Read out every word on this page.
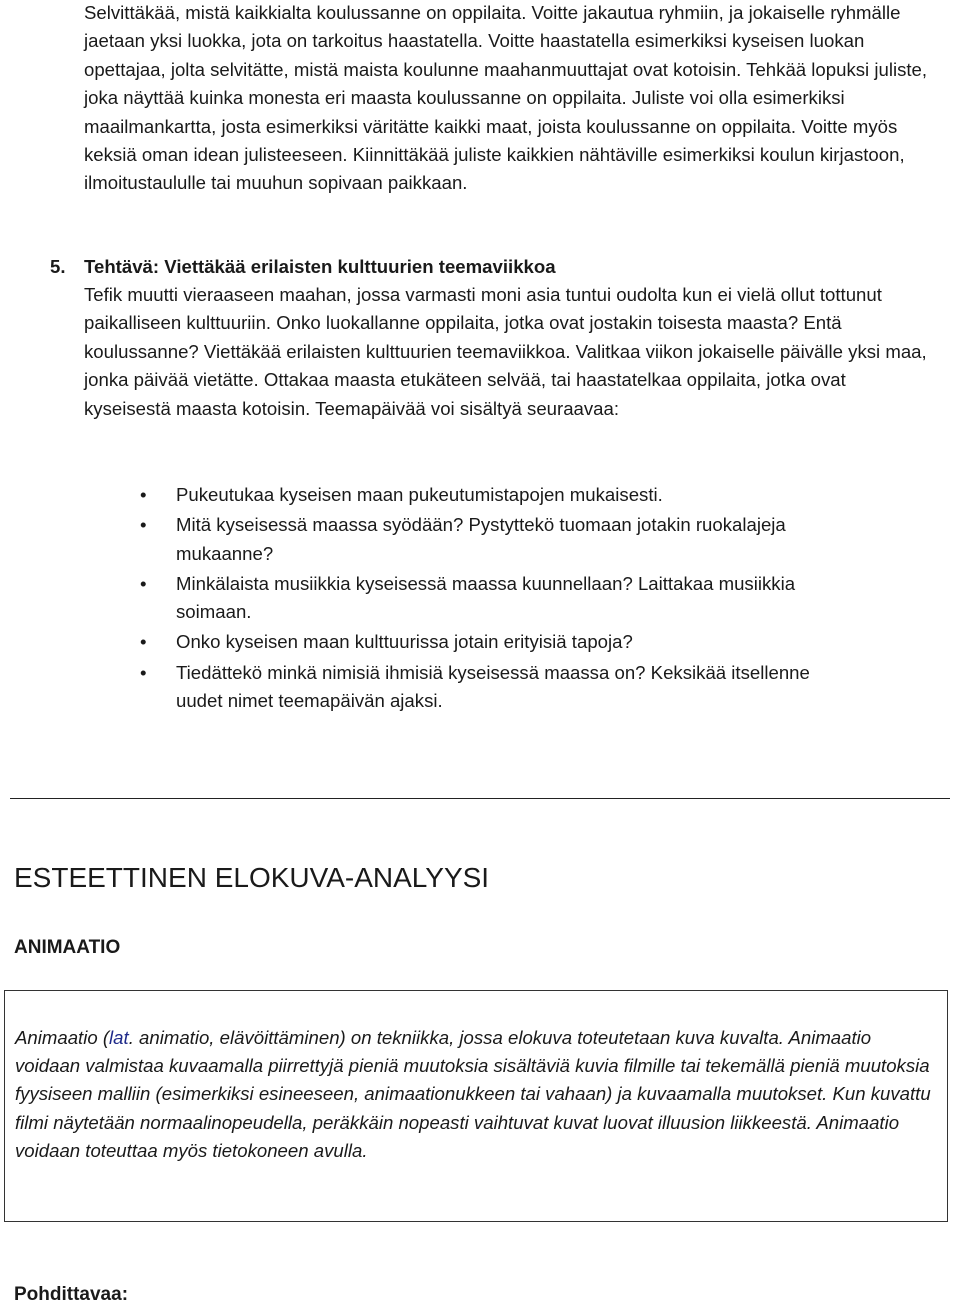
Selvittäkää, mistä kaikkialta koulussanne on oppilaita. Voitte jakautua ryhmiin, ja jokaiselle ryhmälle jaetaan yksi luokka, jota on tarkoitus haastatella. Voitte haastatella esimerkiksi kyseisen luokan opettajaa, jolta selvitätte, mistä maista koulunne maahanmuuttajat ovat kotoisin. Tehkää lopuksi juliste, joka näyttää kuinka monesta eri maasta koulussanne on oppilaita. Juliste voi olla esimerkiksi maailmankartta, josta esimerkiksi väritätte kaikki maat, joista koulussanne on oppilaita. Voitte myös keksiä oman idean julisteeseen. Kiinnittäkää juliste kaikkien nähtäville esimerkiksi koulun kirjastoon, ilmoitustaululle tai muuhun sopivaan paikkaan.

5. Tehtävä: Viettäkää erilaisten kulttuurien teemaviikkoa

Tefik muutti vieraaseen maahan, jossa varmasti moni asia tuntui oudolta kun ei vielä ollut tottunut paikalliseen kulttuuriin. Onko luokallanne oppilaita, jotka ovat jostakin toisesta maasta? Entä koulussanne? Viettäkää erilaisten kulttuurien teemaviikkoa. Valitkaa viikon jokaiselle päivälle yksi maa, jonka päivää vietätte. Ottakaa maasta etukäteen selvää, tai haastatelkaa oppilaita, jotka ovat kyseisestä maasta kotoisin. Teemapäivää voi sisältyä seuraavaa:

• Pukeutukaa kyseisen maan pukeutumistapojen mukaisesti.
• Mitä kyseisessä maassa syödään? Pystyttekö tuomaan jotakin ruokalajeja mukaanne?
• Minkälaista musiikkia kyseisessä maassa kuunnellaan? Laittakaa musiikkia soimaan.
• Onko kyseisen maan kulttuurissa jotain erityisiä tapoja?
• Tiedättekö minkä nimisiä ihmisiä kyseisessä maassa on? Keksikää itsellenne uudet nimet teemapäivän ajaksi.
ESTEETTINEN ELOKUVA-ANALYYSI
ANIMAATIO

Animaatio (lat. animatio, elävöittäminen) on tekniikka, jossa elokuva toteutetaan kuva kuvalta. Animaatio voidaan valmistaa kuvaamalla piirrettyjä pieniä muutoksia sisältäviä kuvia filmille tai tekemällä pieniä muutoksia fyysiseen malliin (esimerkiksi esineeseen, animaationukkeen tai vahaan) ja kuvaamalla muutokset. Kun kuvattu filmi näytetään normaalinopeudella, peräkkäin nopeasti vaihtuvat kuvat luovat illuusion liikkeestä. Animaatio voidaan toteuttaa myös tietokoneen avulla.

Pohdittavaa:
